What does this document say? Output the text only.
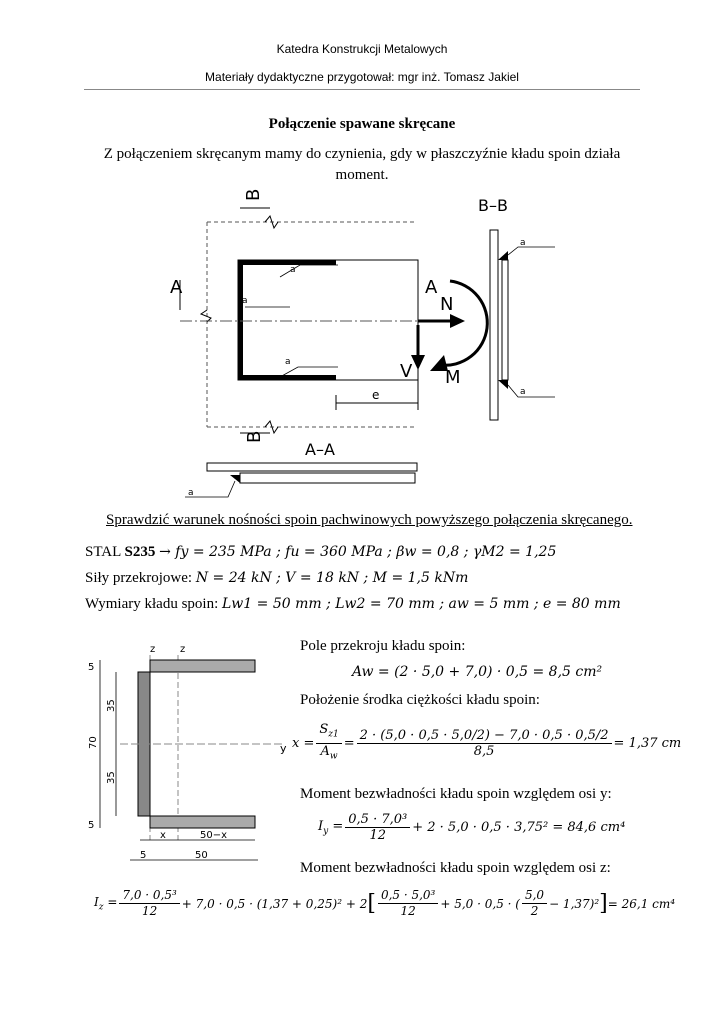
Katedra Konstrukcji Metalowych
Materiały dydaktyczne przygotował: mgr inż. Tomasz Jakiel
Połączenie spawane skręcane
Z połączeniem skręcanym mamy do czynienia, gdy w płaszczyźnie kładu spoin działa moment.
A	A
B
B
a
a
a
N
V M
e
B–B
a
a
A–A
a
Sprawdzić warunek nośności spoin pachwinowych powyższego połączenia skręcanego.
STAL S235 → fy = 235 MPa ; fu = 360 MPa ; βw = 0,8 ; γM2 = 1,25
Siły przekrojowe: N = 24 kN ; V = 18 kN ; M = 1,5 kNm
Wymiary kładu spoin: Lw1 = 50 mm ; Lw2 = 70 mm ; aw = 5 mm ; e = 80 mm
z z
y
5
35
70
35
5
x	50−x
5	50
Pole przekroju kładu spoin:
Aw = (2 · 5,0 + 7,0) · 0,5 = 8,5 cm²
Położenie środka ciężkości kładu spoin:
$x = \frac{S_{z1}}{A_w} = \frac{2 \cdot (5,0 \cdot 0,5 \cdot 5,0/2) - 7,0 \cdot 0,5 \cdot 0,5/2}{8,5} = 1,37$ cm
Moment bezwładności kładu spoin względem osi y:
$I_y = \frac{\text{0,5 · 7,0³}}{12} + 2 \cdot 5,0 \cdot 0,5 \cdot 3,75^2 = 84,6$ cm⁴
Moment bezwładności kładu spoin względem osi z:
$I_z = \frac{\text{7,0 · 0,5³}}{12} + 7,0 \cdot 0,5 \cdot (1,37 + 0,25)^2 + 2$ [ $\frac{\text{0,5 · 5,0³}}{12} + 5,0 \cdot 0,5$ · ( $\frac{5,0}{2} - 1,37)^2$ ] = 26,1 cm⁴
